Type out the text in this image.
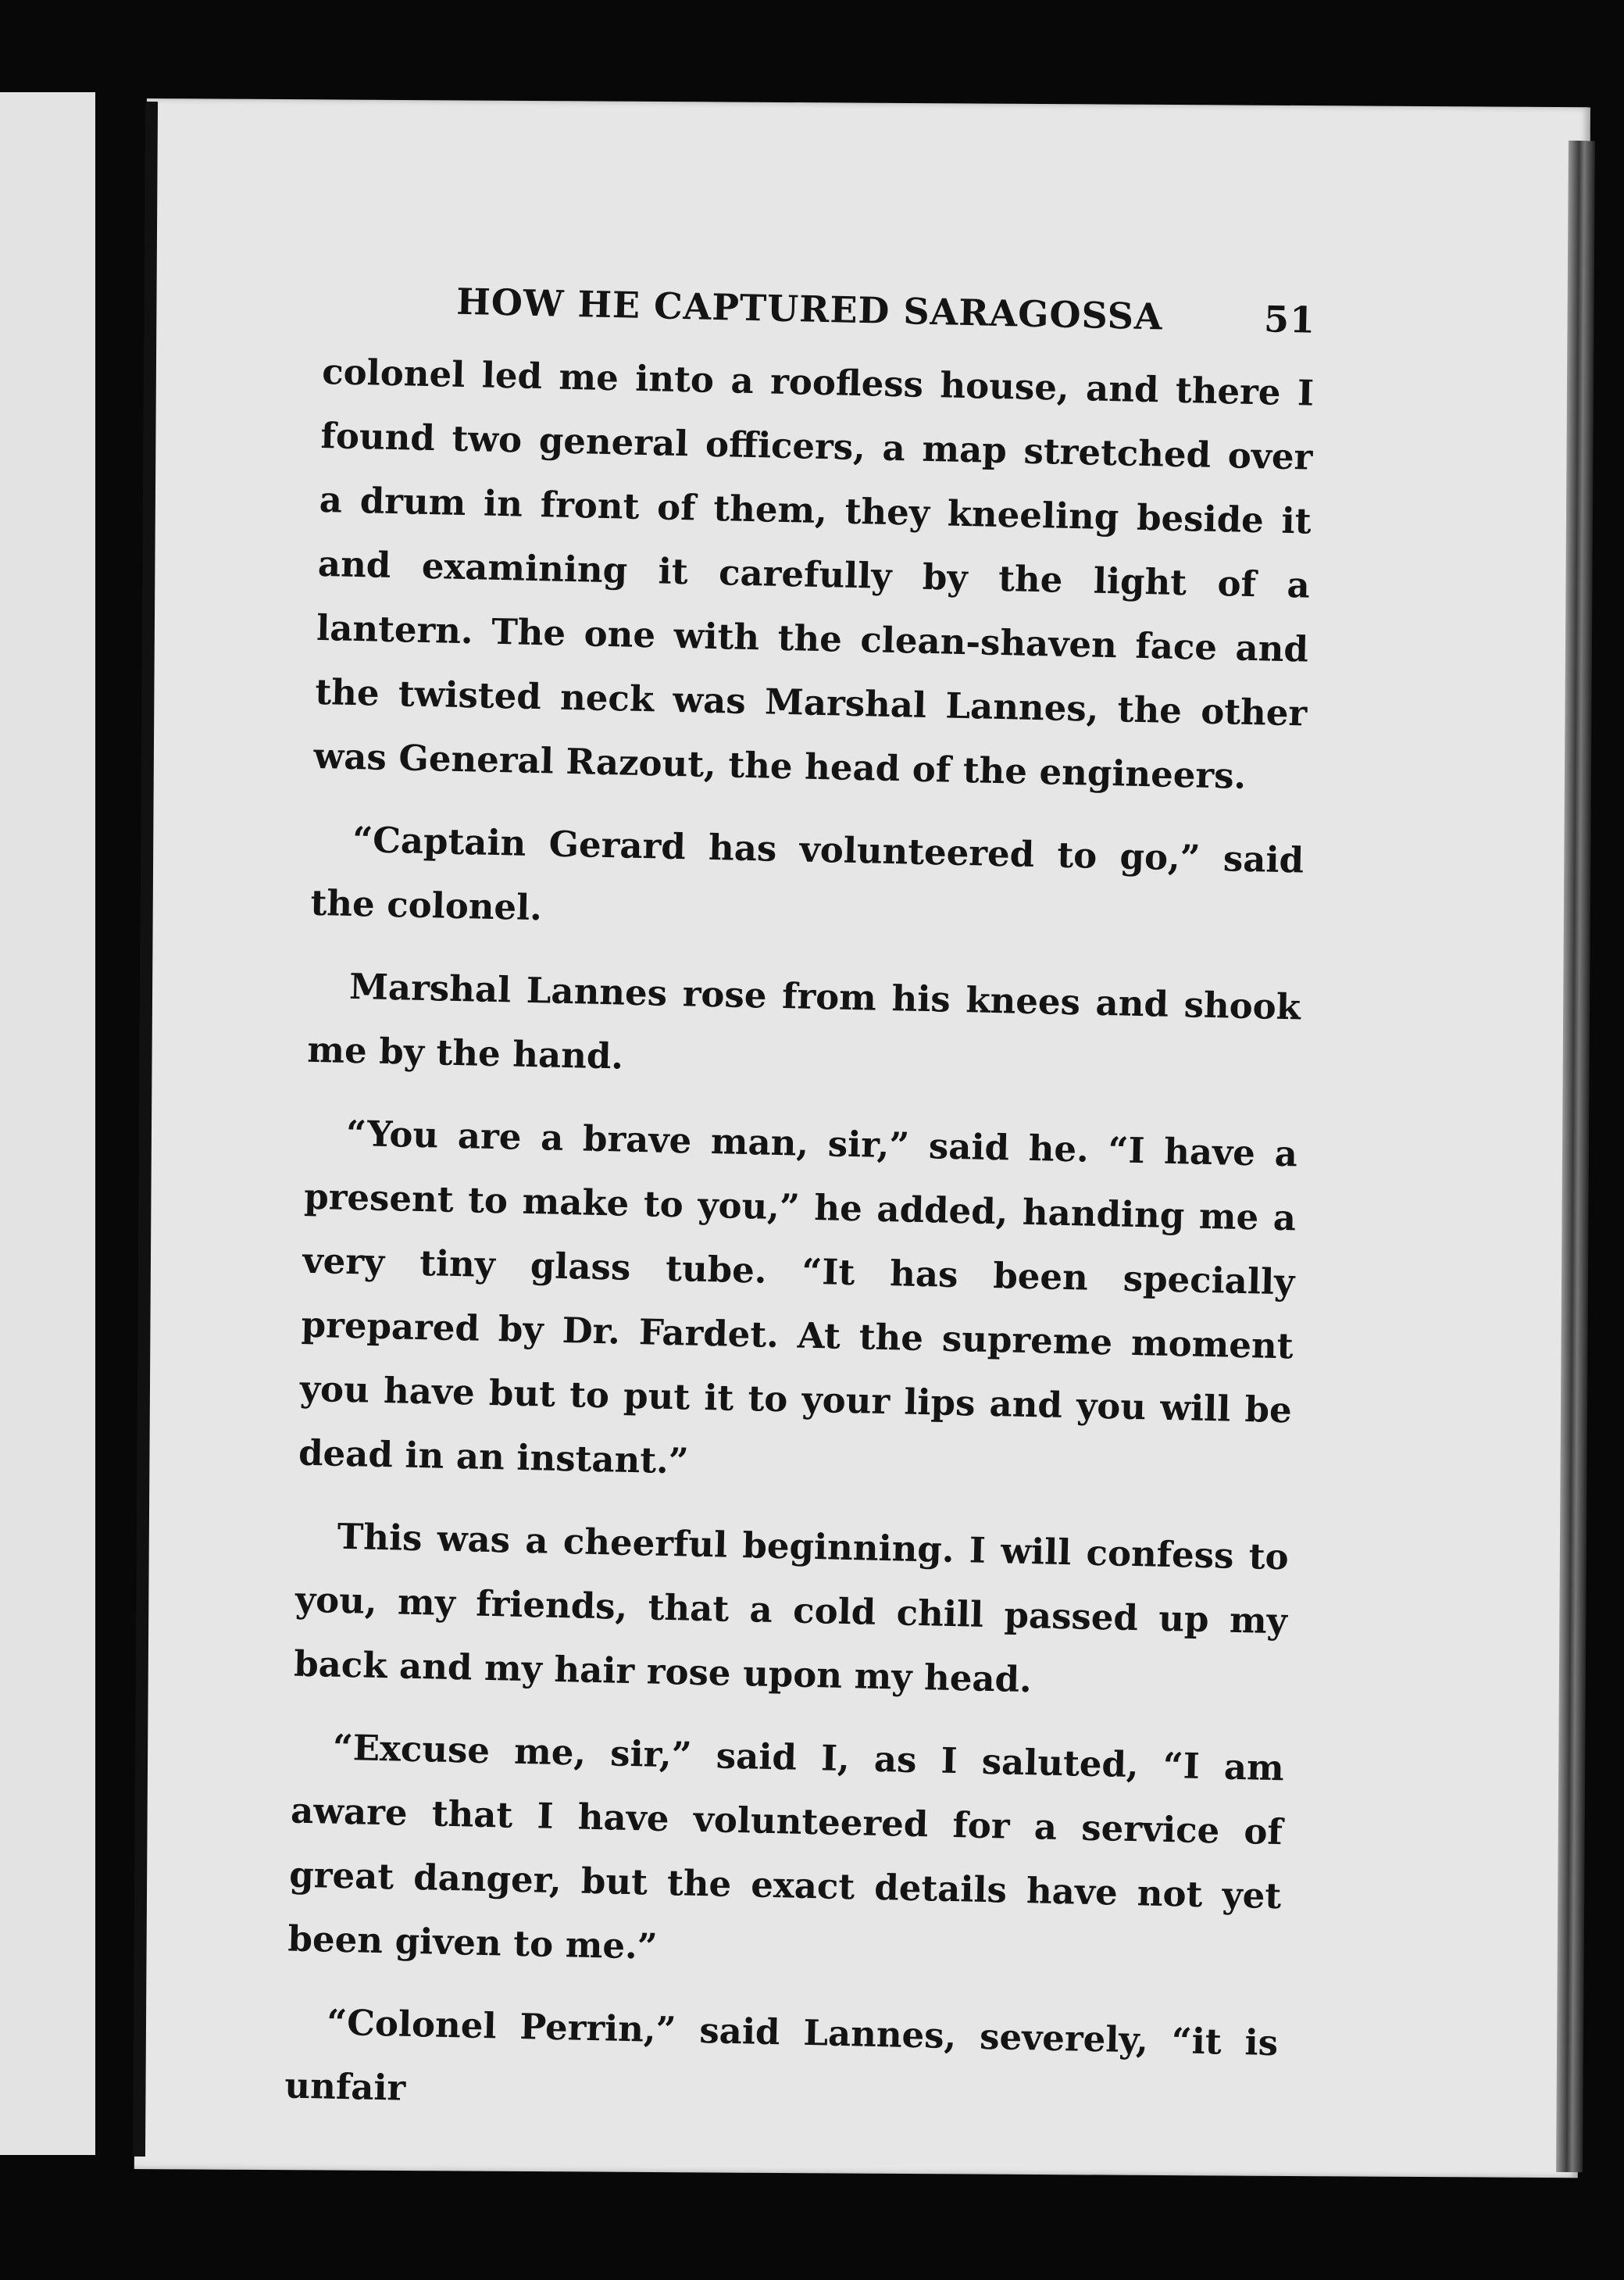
HOW HE CAPTURED SARAGOSSA	51

colonel led me into a roofless house, and there I found two general officers, a map stretched over a drum in front of them, they kneeling beside it and examining it carefully by the light of a lantern. The one with the clean-shaven face and the twisted neck was Marshal Lannes, the other was General Razout, the head of the engineers.

“Captain Gerard has volunteered to go,” said the colonel.

Marshal Lannes rose from his knees and shook me by the hand.

“You are a brave man, sir,” said he. “I have a present to make to you,” he added, handing me a very tiny glass tube. “It has been specially prepared by Dr. Fardet. At the supreme moment you have but to put it to your lips and you will be dead in an instant.”

This was a cheerful beginning. I will confess to you, my friends, that a cold chill passed up my back and my hair rose upon my head.

“Excuse me, sir,” said I, as I saluted, “I am aware that I have volunteered for a service of great danger, but the exact details have not yet been given to me.”

“Colonel Perrin,” said Lannes, severely, “it is unfair
